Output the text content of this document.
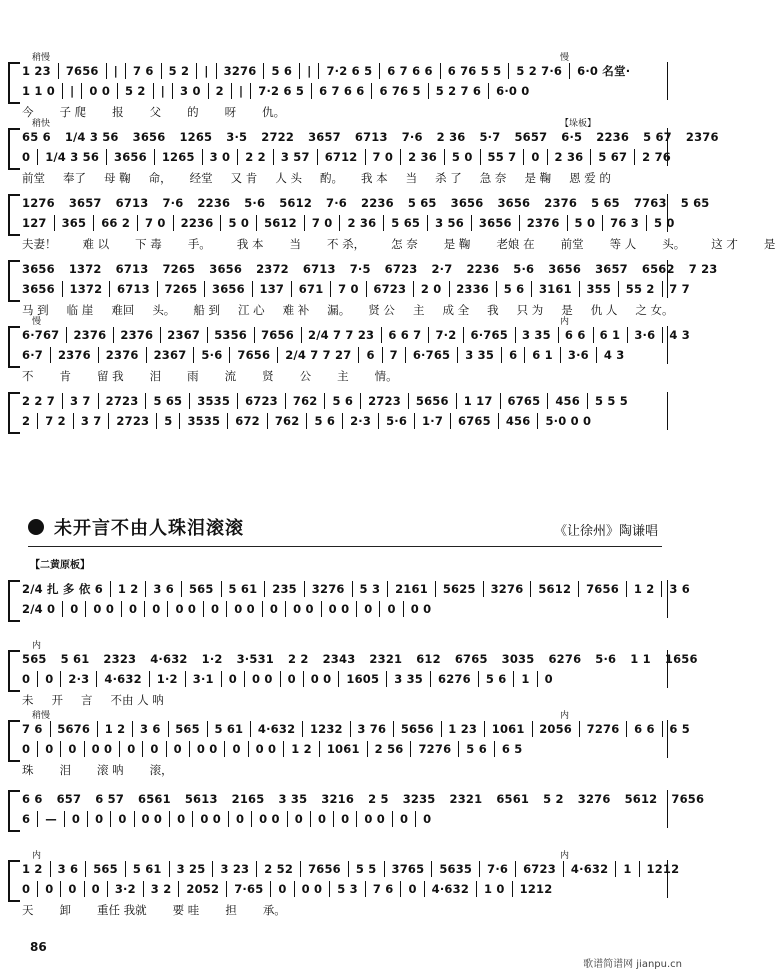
未开言不由人珠泪滚滚	《让徐州》陶谦唱
【二黄原板】
86
歌谱简谱网 jianpu.cn
1 23 7656 | 7 6 5 2 | 3276 5 6 | 7·2 6 5 6 7 6 6 6 76 5 5 5 2 7·6 6·0 名堂·
1 1 0 | 0 0 5 2 | 3 0 2 | 7·2 6 5 6 7 6 6 6 76 5 5 2 7 6 6·0 0
今 子 爬 报 父 的 呀 仇。
稍慢	慢
65 6 1/4 3 56 3656 1265 3·5 2722 3657 6713 7·6 2 36 5·7 5657 6·5 2236 5 67 2376
0 1/4 3 56 3656 1265 3 0 2 2 3 57 6712 7 0 2 36 5 0 55 7 0 2 36 5 67 2 76
前堂 奉了 母 鞠 命， 经堂 又 肯 人 头 酌。 我 本 当 杀 了 急 奈 是 鞠 恩 爱 的
稍快	【垛板】
1276 3657 6713 7·6 2236 5·6 5612 7·6 2236 5 65 3656 3656 2376 5 65 7763 5 65
127 365 66 2 7 0 2236 5 0 5612 7 0 2 36 5 65 3 56 3656 2376 5 0 76 3 5 0
夫妻！ 难 以 下 毒 手。 我 本 当 不 杀， 怎 奈 是 鞠 老娘 在 前堂 等 人 头。 这 才 是
3656 1372 6713 7265 3656 2372 6713 7·5 6723 2·7 2236 5·6 3656 3657 6562 7 23
3656 1372 6713 7265 3656 137 671 7 0 6723 2 0 2336 5 6 3161 355 55 2 7 7
马 到 临 崖 难回 头。 船 到 江 心 难 补 漏。 贤 公 主 成 全 我 只 为 是 仇 人 之 女。
6·767 2376 2376 2367 5356 7656 2/4 7 7 23 6 6 7 7·2 6·765 3 35 6 6 6 1 3·6 4 3
6·7 2376 2376 2367 5·6 7656 2/4 7 7 27 6 7 6·765 3 35 6 6 1 3·6 4 3
不 肯 留 我 泪 雨 流 贤 公 主 情。
慢	内
2 2 7 3 7 2723 5 65 3535 6723 762 5 6 2723 5656 1 17 6765 456 5 5 5
2 7 2 3 7 2723 5 3535 672 762 5 6 2·3 5·6 1·7 6765 456 5·0 0 0
2/4 扎 多 依 6 1 2 3 6 565 5 61 235 3276 5 3 2161 5625 3276 5612 7656 1 2 3 6
2/4 0 0 0 0 0 0 0 0 0 0 0 0 0 0 0 0 0 0 0 0
565 5 61 2323 4·632 1·2 3·531 2 2 2343 2321 612 6765 3035 6276 5·6 1 1 1656
0 0 2·3 4·632 1·2 3·1 0 0 0 0 0 0 1605 3 35 6276 5 6 1 0
未 开 言 不由 人 呐
内
7 6 5676 1 2 3 6 565 5 61 4·632 1232 3 76 5656 1 23 1061 2056 7276 6 6 6 5
0 0 0 0 0 0 0 0 0 0 0 0 0 1 2 1061 2 56 7276 5 6 6 5
珠 泪 滚 呐 滚，
稍慢	内
6 6 657 6 57 6561 5613 2165 3 35 3216 2 5 3235 2321 6561 5 2 3276 5612 7656
6 — 0 0 0 0 0 0 0 0 0 0 0 0 0 0 0 0 0 0
1 2 3 6 565 5 61 3 25 3 23 2 52 7656 5 5 3765 5635 7·6 6723 4·632 1 1212
0 0 0 0 3·2 3 2 2052 7·65 0 0 0 5 3 7 6 0 4·632 1 0 1212
天 卸 重任 我就 要 哇 担 承。
内	内
